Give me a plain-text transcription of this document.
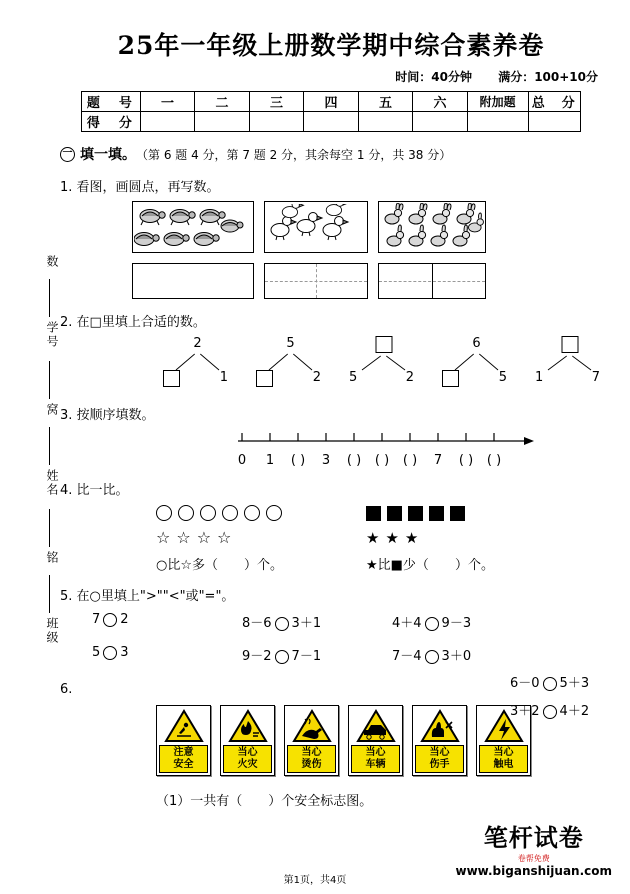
25年一年级上册数学期中综合素养卷
时间：40分钟 满分：100+10分
题　号	一	二	三	四	五	六	附加题	总　分
得　分								
一 填一填。 （第 6 题 4 分，第 7 题 2 分，其余每空 1 分，共 38 分）
1. 看图，画圆点，再写数。
2. 在□里填上合适的数。
2
1
5
2 5	2
6
5 1	7
3. 按顺序填数。
0	1	( )	3	( )	( )	( )	7	( )	( )
4. 比一比。
☆ ☆ ☆ ☆
○比☆多（ ）个。
★ ★ ★
★比■少（ ）个。
5. 在○里填上">""<"或"="。
7 2	8－6 3＋1	4＋4 9－3
5 3	9－2 7－1	7－4 3＋0
6－0 5＋3
3＋2 4＋2
6.
注意
安全
当心
火灾
当心
烫伤
当心
车辆
当心
伤手
当心
触电
（1）一共有（　　）个安全标志图。
数
学号
窝
姓名
铭
班级
第1页，共4页
笔杆试卷
卷帮免费
www.biganshijuan.com
